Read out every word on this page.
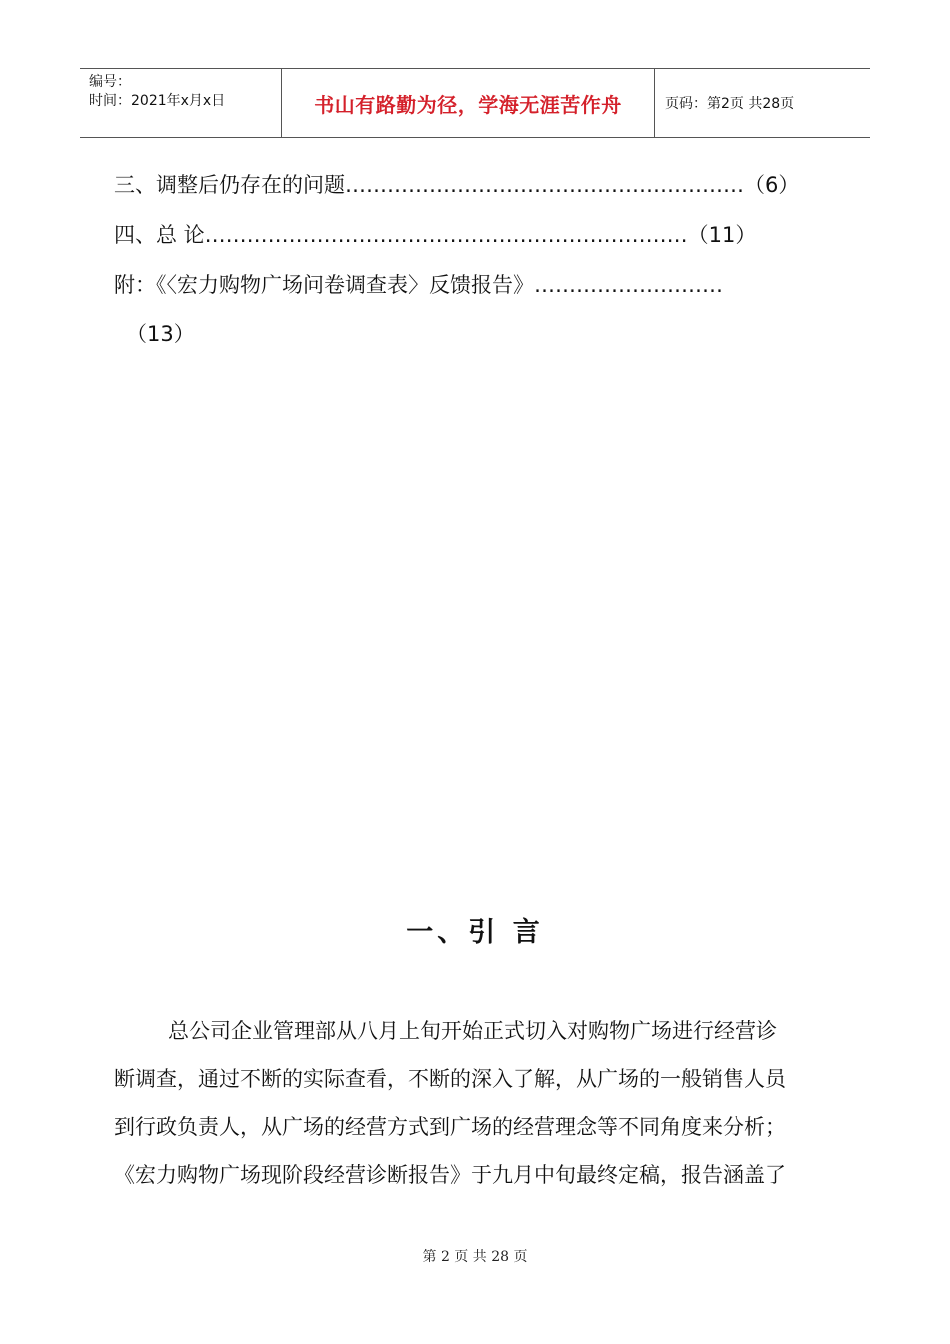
编号：
时间：2021年x月x日	书山有路勤为径，学海无涯苦作舟	页码：第2页 共28页
三、调整后仍存在的问题…………………………………………………（6）
四、总 论……………………………………………………………（11）
附：《〈宏力购物广场问卷调查表〉反馈报告》………………………
（13）
一、引 言
总公司企业管理部从八月上旬开始正式切入对购物广场进行经营诊
断调查，通过不断的实际查看，不断的深入了解，从广场的一般销售人员
到行政负责人，从广场的经营方式到广场的经营理念等不同角度来分析；
《宏力购物广场现阶段经营诊断报告》于九月中旬最终定稿，报告涵盖了
第 2 页 共 28 页
